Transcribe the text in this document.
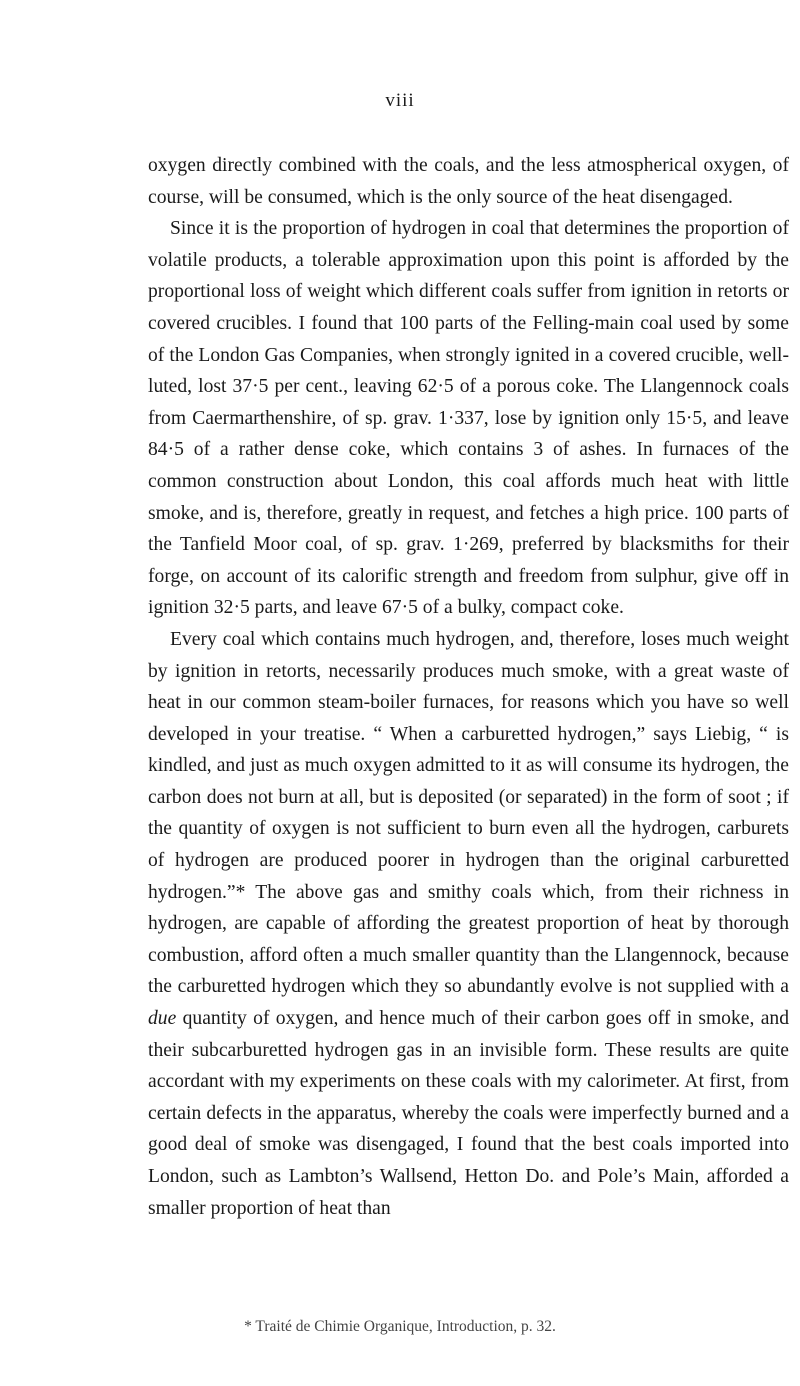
viii

oxygen directly combined with the coals, and the less atmospherical oxygen, of course, will be consumed, which is the only source of the heat disengaged.

Since it is the proportion of hydrogen in coal that determines the proportion of volatile products, a tolerable approximation upon this point is afforded by the proportional loss of weight which different coals suffer from ignition in retorts or covered crucibles. I found that 100 parts of the Felling-main coal used by some of the London Gas Companies, when strongly ignited in a covered crucible, well-luted, lost 37·5 per cent., leaving 62·5 of a porous coke. The Llangennock coals from Caermarthenshire, of sp. grav. 1·337, lose by ignition only 15·5, and leave 84·5 of a rather dense coke, which contains 3 of ashes. In furnaces of the common construction about London, this coal affords much heat with little smoke, and is, therefore, greatly in request, and fetches a high price. 100 parts of the Tanfield Moor coal, of sp. grav. 1·269, preferred by blacksmiths for their forge, on account of its calorific strength and freedom from sulphur, give off in ignition 32·5 parts, and leave 67·5 of a bulky, compact coke.

Every coal which contains much hydrogen, and, therefore, loses much weight by ignition in retorts, necessarily produces much smoke, with a great waste of heat in our common steam-boiler furnaces, for reasons which you have so well developed in your treatise. “ When a carburetted hydrogen,” says Liebig, “ is kindled, and just as much oxygen admitted to it as will consume its hydrogen, the carbon does not burn at all, but is deposited (or separated) in the form of soot ; if the quantity of oxygen is not sufficient to burn even all the hydrogen, carburets of hydrogen are produced poorer in hydrogen than the original carburetted hydrogen.”* The above gas and smithy coals which, from their richness in hydrogen, are capable of affording the greatest proportion of heat by thorough combustion, afford often a much smaller quantity than the Llangennock, because the carburetted hydrogen which they so abundantly evolve is not supplied with a due quantity of oxygen, and hence much of their carbon goes off in smoke, and their subcarburetted hydrogen gas in an invisible form. These results are quite accordant with my experiments on these coals with my calorimeter. At first, from certain defects in the apparatus, whereby the coals were imperfectly burned and a good deal of smoke was disengaged, I found that the best coals imported into London, such as Lambton’s Wallsend, Hetton Do. and Pole’s Main, afforded a smaller proportion of heat than

* Traité de Chimie Organique, Introduction, p. 32.
